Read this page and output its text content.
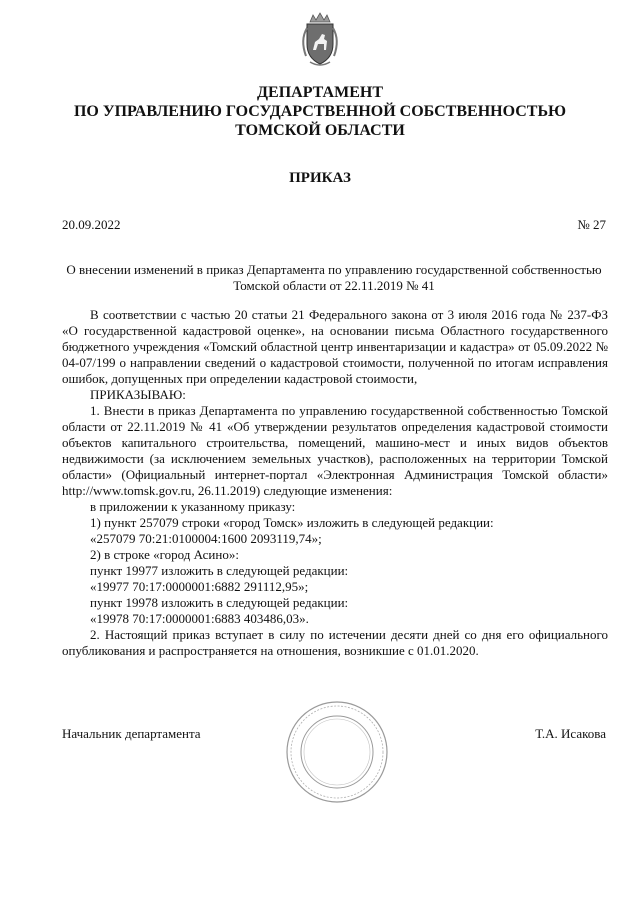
ДЕПАРТАМЕНТ
ПО УПРАВЛЕНИЮ ГОСУДАРСТВЕННОЙ СОБСТВЕННОСТЬЮ
ТОМСКОЙ ОБЛАСТИ
ПРИКАЗ
20.09.2022	№ 27
О внесении изменений в приказ Департамента по управлению государственной собственностью Томской области от 22.11.2019 № 41

В соответствии с частью 20 статьи 21 Федерального закона от 3 июля 2016 года № 237-ФЗ «О государственной кадастровой оценке», на основании письма Областного государственного бюджетного учреждения «Томский областной центр инвентаризации и кадастра» от 05.09.2022 № 04-07/199 о направлении сведений о кадастровой стоимости, полученной по итогам исправления ошибок, допущенных при определении кадастровой стоимости,

ПРИКАЗЫВАЮ:

1. Внести в приказ Департамента по управлению государственной собственностью Томской области от 22.11.2019 № 41 «Об утверждении результатов определения кадастровой стоимости объектов капитального строительства, помещений, машино-мест и иных видов объектов недвижимости (за исключением земельных участков), расположенных на территории Томской области» (Официальный интернет-портал «Электронная Администрация Томской области» http://www.tomsk.gov.ru, 26.11.2019) следующие изменения:

в приложении к указанному приказу:

1) пункт 257079 строки «город Томск» изложить в следующей редакции:

«257079 70:21:0100004:1600 2093119,74»;

2) в строке «город Асино»:

пункт 19977 изложить в следующей редакции:

«19977 70:17:0000001:6882 291112,95»;

пункт 19978 изложить в следующей редакции:

«19978 70:17:0000001:6883 403486,03».

2. Настоящий приказ вступает в силу по истечении десяти дней со дня его официального опубликования и распространяется на отношения, возникшие с 01.01.2020.

Начальник департамента	Т.А. Исакова
